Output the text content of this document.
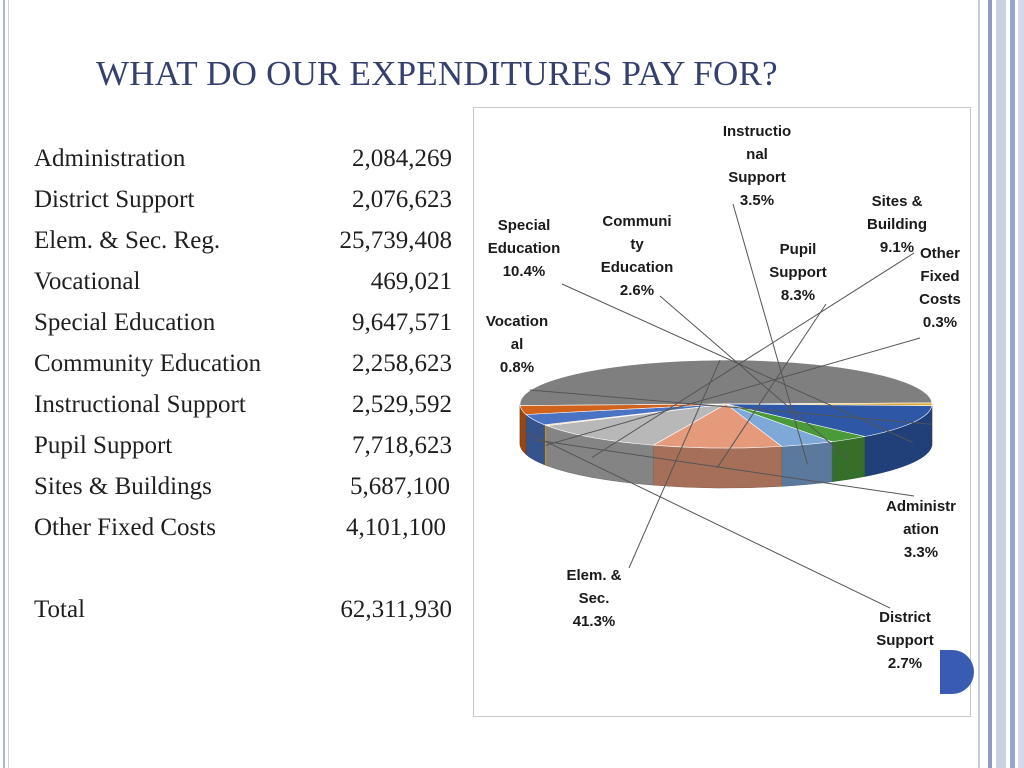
WHAT DO OUR EXPENDITURES PAY FOR?
Administration	2,084,269
District Support	2,076,623
Elem. & Sec. Reg.	25,739,408
Vocational	469,021
Special Education	9,647,571
Community Education	2,258,623
Instructional Support	2,529,592
Pupil Support	7,718,623
Sites & Buildings	5,687,100
Other Fixed Costs	4,101,100
Total	62,311,930
Elem. & Sec. 41.3%
Vocation al 0.8%
Special Education 10.4%
Communi ty Education 2.6%
Instructio nal Support 3.5%
Pupil Support 8.3%
Sites & Building 9.1% Other Fixed Costs 0.3%
Administr ation 3.3%
District Support 2.7%
